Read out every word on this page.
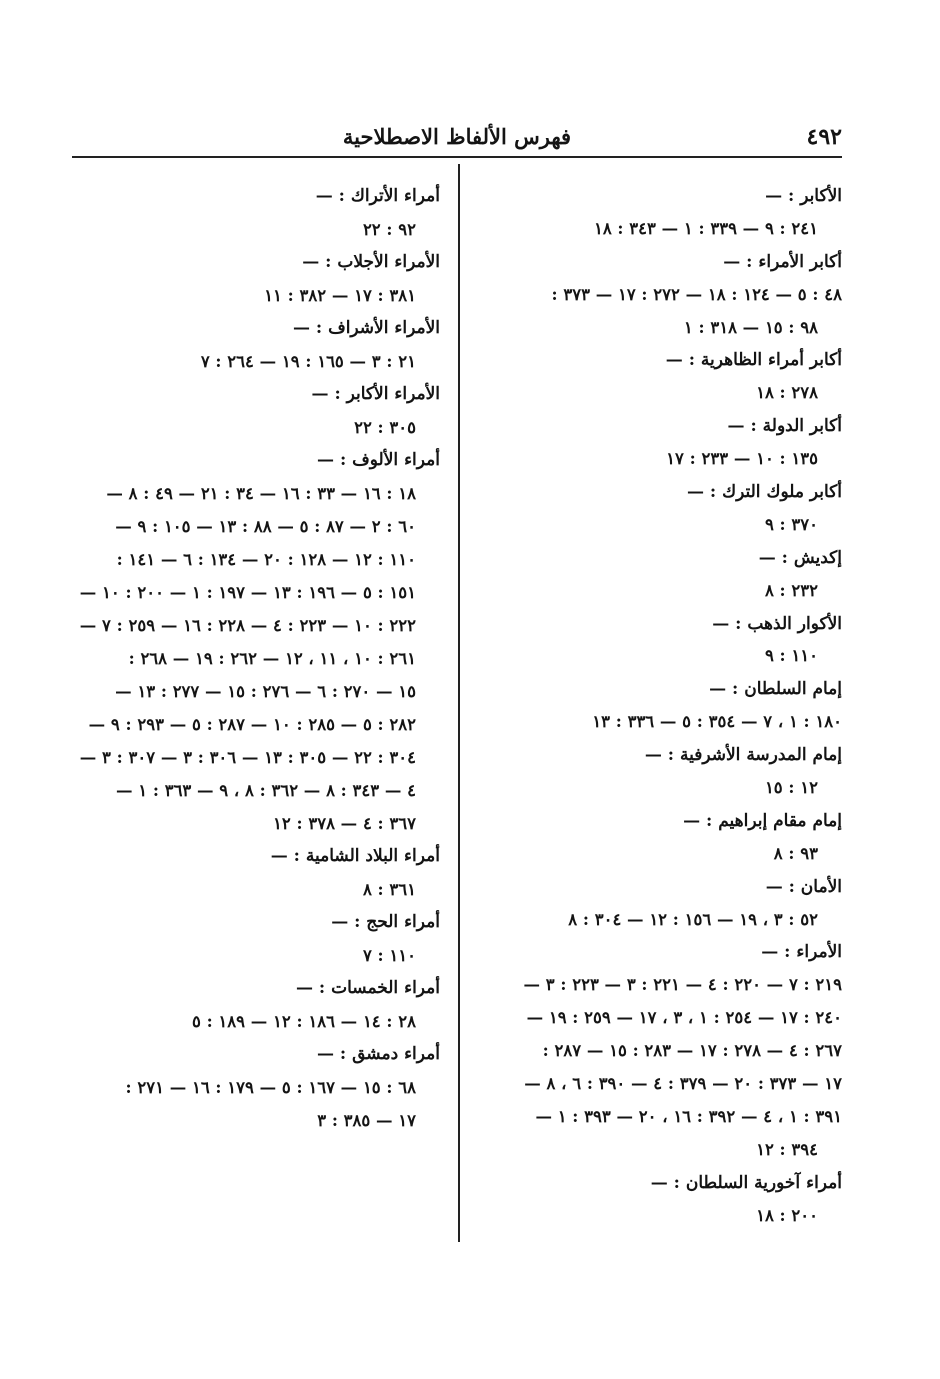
٤٩٢
فهرس الألفاظ الاصطلاحية
الأكابر : —
٢٤١ : ٩ — ٣٣٩ : ١ — ٣٤٣ : ١٨
أكابر الأمراء : —
٤٨ : ٥ — ١٢٤ : ١٨ — ٢٧٢ : ١٧ — ٣٧٣ :
٩٨ : ١٥ — ٣١٨ : ١
أكابر أمراء الظاهرية : —
٢٧٨ : ١٨
أكابر الدولة : —
١٣٥ : ١٠ — ٢٣٣ : ١٧
أكابر ملوك الترك : —
٣٧٠ : ٩
إكديش : —
٢٣٢ : ٨
الأكوار الذهب : —
١١٠ : ٩
إمام السلطان : —
١٨٠ : ١ ، ٧ — ٣٥٤ : ٥ — ٣٣٦ : ١٣
إمام المدرسة الأشرفية : —
١٢ : ١٥
إمام مقام إبراهيم : —
٩٣ : ٨
الأمان : —
٥٢ : ٣ ، ١٩ — ١٥٦ : ١٢ — ٣٠٤ : ٨
الأمراء : —
٢١٩ : ٧ — ٢٢٠ : ٤ — ٢٢١ : ٣ — ٢٢٣ : ٣ —
٢٤٠ : ١٧ — ٢٥٤ : ١ ، ٣ ، ١٧ — ٢٥٩ : ١٩ —
٢٦٧ : ٤ — ٢٧٨ : ١٧ — ٢٨٣ : ١٥ — ٢٨٧ :
١٧ — ٣٧٣ : ٢٠ — ٣٧٩ : ٤ — ٣٩٠ : ٦ ، ٨ —
٣٩١ : ١ ، ٤ — ٣٩٢ : ١٦ ، ٢٠ — ٣٩٣ : ١ —
٣٩٤ : ١٢
أمراء آخورية السلطان : —
٢٠٠ : ١٨
أمراء الأتراك : —
٩٢ : ٢٢
الأمراء الأجلاب : —
٣٨١ : ١٧ — ٣٨٢ : ١١
الأمراء الأشراف : —
٢١ : ٣ — ١٦٥ : ١٩ — ٢٦٤ : ٧
الأمراء الأكابر : —
٣٠٥ : ٢٢
أمراء الألوف : —
١٨ : ١٦ — ٣٣ : ١٦ — ٣٤ : ٢١ — ٤٩ : ٨ —
٦٠ : ٢ — ٨٧ : ٥ — ٨٨ : ١٣ — ١٠٥ : ٩ —
١١٠ : ١٢ — ١٢٨ : ٢٠ — ١٣٤ : ٦ — ١٤١ :
١٥١ : ٥ — ١٩٦ : ١٣ — ١٩٧ : ١ — ٢٠٠ : ١٠ —
٢٢٢ : ١٠ — ٢٢٣ : ٤ — ٢٢٨ : ١٦ — ٢٥٩ : ٧ —
٢٦١ : ١٠ ، ١١ ، ١٢ — ٢٦٢ : ١٩ — ٢٦٨ :
١٥ — ٢٧٠ : ٦ — ٢٧٦ : ١٥ — ٢٧٧ : ١٣ —
٢٨٢ : ٥ — ٢٨٥ : ١٠ — ٢٨٧ : ٥ — ٢٩٣ : ٩ —
٣٠٤ : ٢٢ — ٣٠٥ : ١٣ — ٣٠٦ : ٣ — ٣٠٧ : ٣ —
٤ — ٣٤٣ : ٨ — ٣٦٢ : ٨ ، ٩ — ٣٦٣ : ١ —
٣٦٧ : ٤ — ٣٧٨ : ١٢
أمراء البلاد الشامية : —
٣٦١ : ٨
أمراء الحج : —
١١٠ : ٧
أمراء الخمسات : —
٢٨ : ١٤ — ١٨٦ : ١٢ — ١٨٩ : ٥
أمراء دمشق : —
٦٨ : ١٥ — ١٦٧ : ٥ — ١٧٩ : ١٦ — ٢٧١ :
١٧ — ٣٨٥ : ٣
